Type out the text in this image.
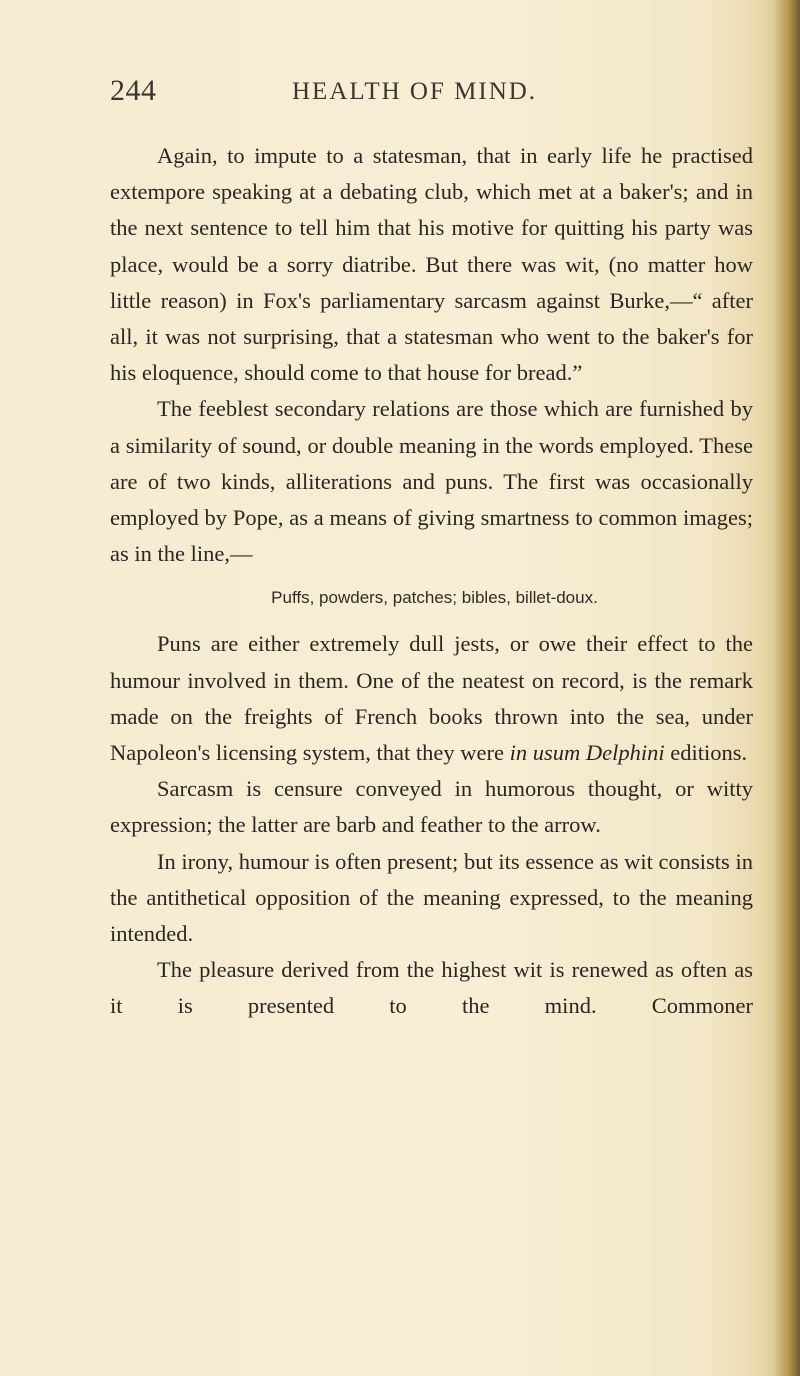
244	HEALTH OF MIND.

Again, to impute to a statesman, that in early life he practised extempore speaking at a debating club, which met at a baker's; and in the next sentence to tell him that his motive for quitting his party was place, would be a sorry diatribe. But there was wit, (no matter how little reason) in Fox's parliamentary sarcasm against Burke,—“ after all, it was not surprising, that a statesman who went to the baker's for his eloquence, should come to that house for bread.”

The feeblest secondary relations are those which are furnished by a similarity of sound, or double meaning in the words employed. These are of two kinds, alliterations and puns. The first was occasionally employed by Pope, as a means of giving smartness to common images; as in the line,—

Puffs, powders, patches; bibles, billet-doux.

Puns are either extremely dull jests, or owe their effect to the humour involved in them. One of the neatest on record, is the remark made on the freights of French books thrown into the sea, under Napoleon's licensing system, that they were in usum Delphini editions.

Sarcasm is censure conveyed in humorous thought, or witty expression; the latter are barb and feather to the arrow.

In irony, humour is often present; but its essence as wit consists in the antithetical opposition of the meaning expressed, to the meaning intended.

The pleasure derived from the highest wit is renewed as often as it is presented to the mind. Commoner
